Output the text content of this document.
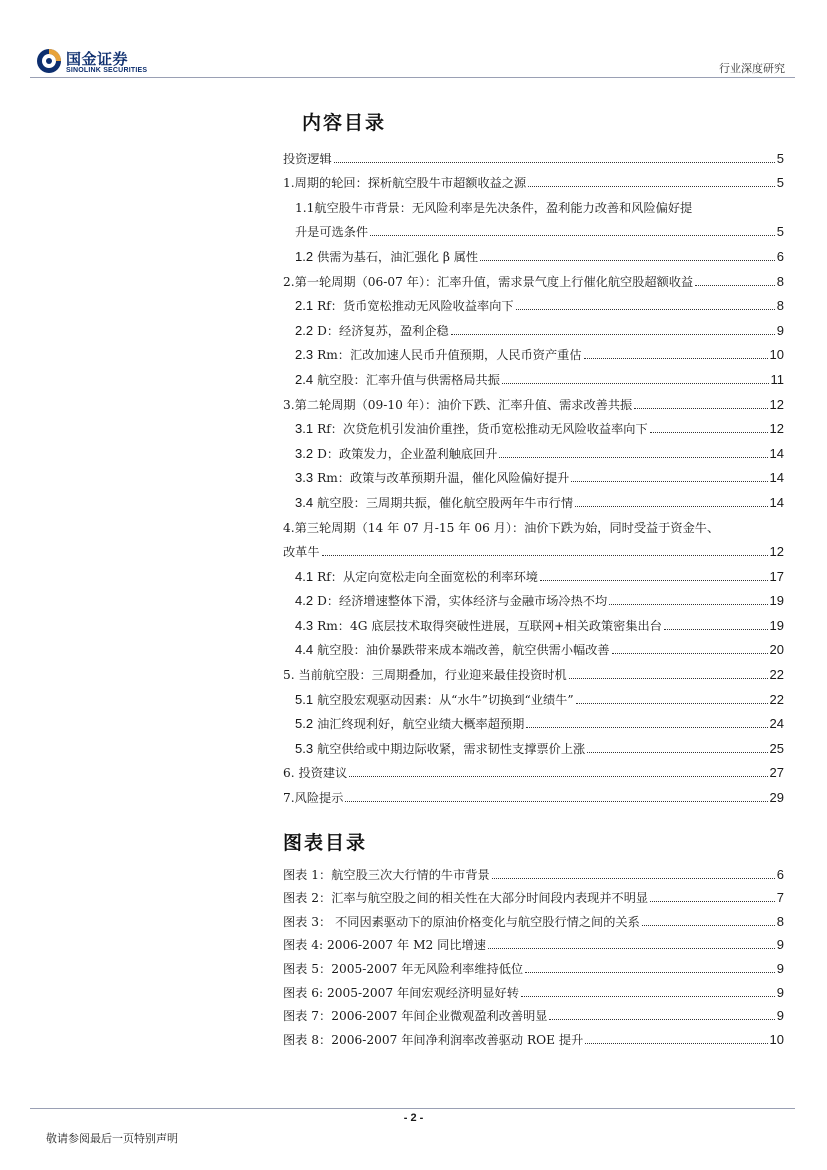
国金证券
SINOLINK SECURITIES	行业深度研究
内容目录
投资逻辑	5
1.周期的轮回：探析航空股牛市超额收益之源	5
1.1航空股牛市背景：无风险利率是先决条件，盈利能力改善和风险偏好提
升是可选条件	5
1.2 供需为基石，油汇强化 β 属性	6
2.第一轮周期（06-07 年）：汇率升值，需求景气度上行催化航空股超额收益	8
2.1 Rf：货币宽松推动无风险收益率向下	8
2.2 D：经济复苏，盈利企稳	9
2.3 Rm：汇改加速人民币升值预期，人民币资产重估	10
2.4 航空股：汇率升值与供需格局共振	11
3.第二轮周期（09-10 年）：油价下跌、汇率升值、需求改善共振	12
3.1 Rf：次贷危机引发油价重挫，货币宽松推动无风险收益率向下	12
3.2 D：政策发力，企业盈利触底回升	14
3.3 Rm：政策与改革预期升温，催化风险偏好提升	14
3.4 航空股：三周期共振，催化航空股两年牛市行情	14
4.第三轮周期（14 年 07 月-15 年 06 月）：油价下跌为始，同时受益于资金牛、
改革牛	12
4.1 Rf：从定向宽松走向全面宽松的利率环境	17
4.2 D：经济增速整体下滑，实体经济与金融市场冷热不均	19
4.3 Rm：4G 底层技术取得突破性进展，互联网+相关政策密集出台	19
4.4 航空股：油价暴跌带来成本端改善，航空供需小幅改善	20
5. 当前航空股：三周期叠加，行业迎来最佳投资时机	22
5.1 航空股宏观驱动因素：从“水牛”切换到“业绩牛”	22
5.2 油汇终现利好，航空业绩大概率超预期	24
5.3 航空供给或中期边际收紧，需求韧性支撑票价上涨	25
6. 投资建议	27
7.风险提示	29
图表目录
图表 1：航空股三次大行情的牛市背景	6
图表 2：汇率与航空股之间的相关性在大部分时间段内表现并不明显	7
图表 3： 不同因素驱动下的原油价格变化与航空股行情之间的关系	8
图表 4: 2006-2007 年 M2 同比增速	9
图表 5：2005-2007 年无风险利率维持低位	9
图表 6: 2005-2007 年间宏观经济明显好转	9
图表 7：2006-2007 年间企业微观盈利改善明显	9
图表 8：2006-2007 年间净利润率改善驱动 ROE 提升	10
- 2 -
敬请参阅最后一页特别声明
